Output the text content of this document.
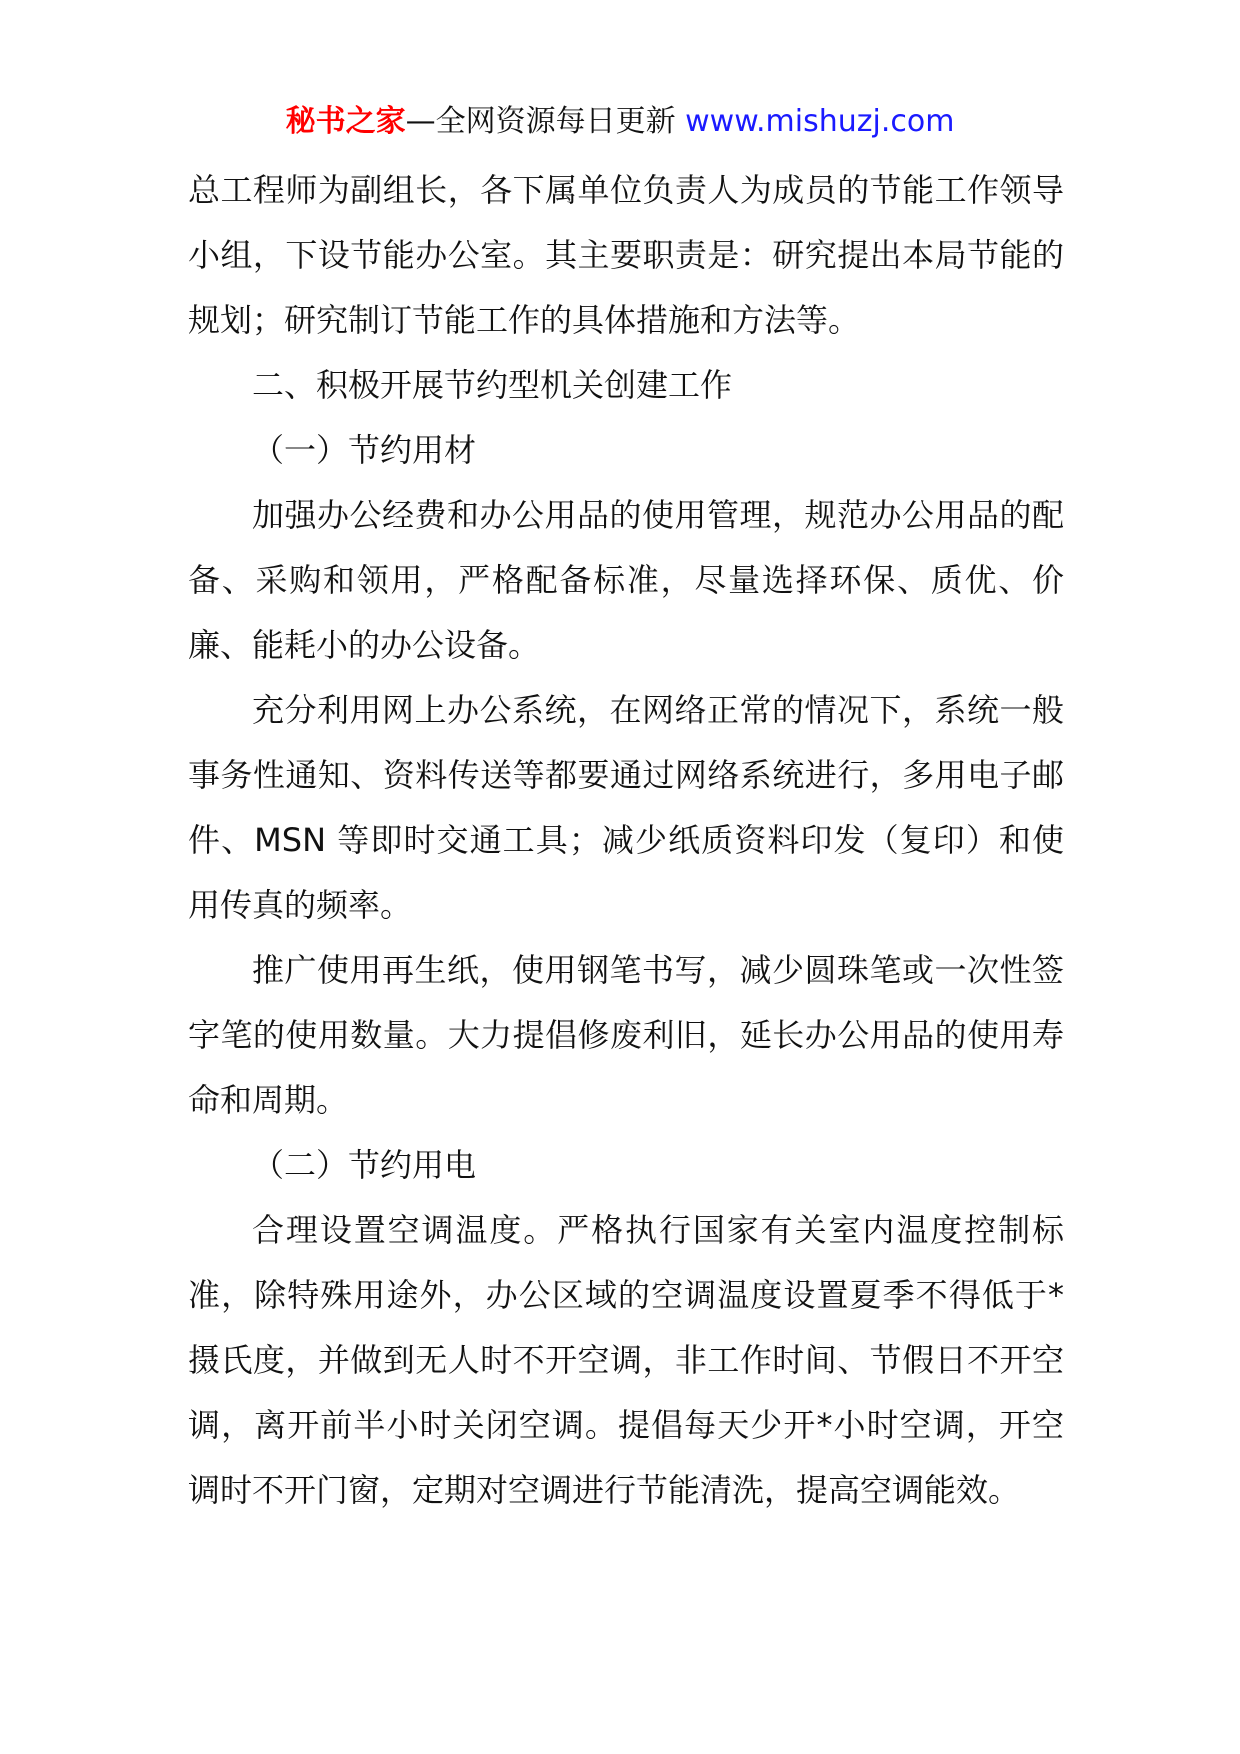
秘书之家—全网资源每日更新 www.mishuzj.com

总工程师为副组长，各下属单位负责人为成员的节能工作领导小组，下设节能办公室。其主要职责是：研究提出本局节能的规划；研究制订节能工作的具体措施和方法等。

二、积极开展节约型机关创建工作

（一）节约用材

加强办公经费和办公用品的使用管理，规范办公用品的配备、采购和领用，严格配备标准，尽量选择环保、质优、价廉、能耗小的办公设备。

充分利用网上办公系统，在网络正常的情况下，系统一般事务性通知、资料传送等都要通过网络系统进行，多用电子邮件、MSN 等即时交通工具；减少纸质资料印发（复印）和使用传真的频率。

推广使用再生纸，使用钢笔书写，减少圆珠笔或一次性签字笔的使用数量。大力提倡修废利旧，延长办公用品的使用寿命和周期。

（二）节约用电

合理设置空调温度。严格执行国家有关室内温度控制标准，除特殊用途外，办公区域的空调温度设置夏季不得低于*摄氏度，并做到无人时不开空调，非工作时间、节假日不开空调，离开前半小时关闭空调。提倡每天少开*小时空调，开空调时不开门窗，定期对空调进行节能清洗，提高空调能效。
